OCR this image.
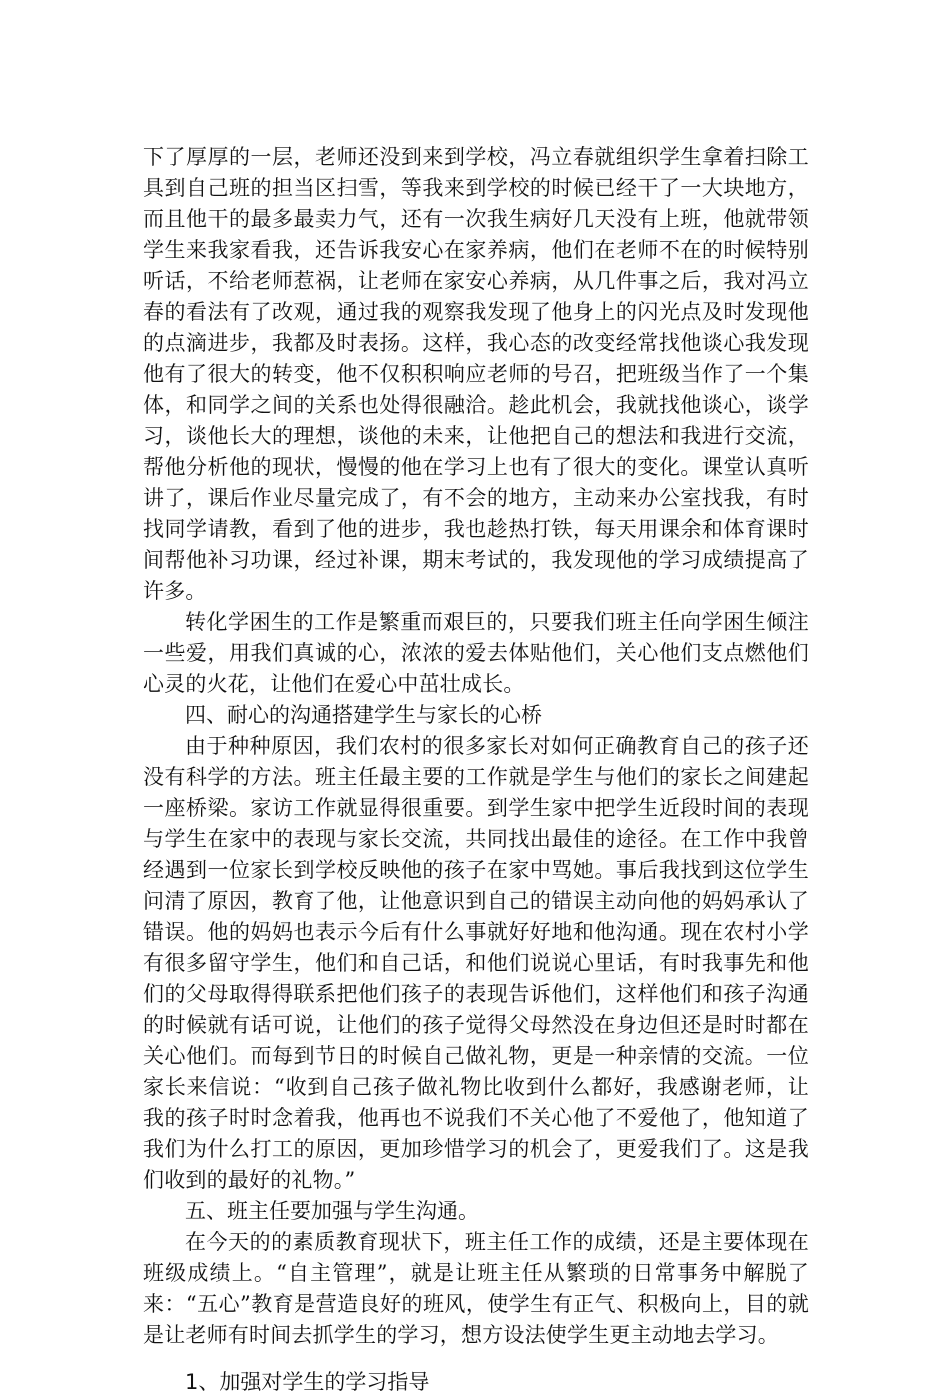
下了厚厚的一层，老师还没到来到学校，冯立春就组织学生拿着扫除工具到自己班的担当区扫雪，等我来到学校的时候已经干了一大块地方，而且他干的最多最卖力气，还有一次我生病好几天没有上班，他就带领学生来我家看我，还告诉我安心在家养病，他们在老师不在的时候特别听话，不给老师惹祸，让老师在家安心养病，从几件事之后，我对冯立春的看法有了改观，通过我的观察我发现了他身上的闪光点及时发现他的点滴进步，我都及时表扬。这样，我心态的改变经常找他谈心我发现他有了很大的转变，他不仅积积响应老师的号召，把班级当作了一个集体，和同学之间的关系也处得很融洽。趁此机会，我就找他谈心，谈学习，谈他长大的理想，谈他的未来，让他把自己的想法和我进行交流，帮他分析他的现状，慢慢的他在学习上也有了很大的变化。课堂认真听讲了，课后作业尽量完成了，有不会的地方，主动来办公室找我，有时找同学请教，看到了他的进步，我也趁热打铁，每天用课余和体育课时间帮他补习功课，经过补课，期末考试的，我发现他的学习成绩提高了许多。

转化学困生的工作是繁重而艰巨的，只要我们班主任向学困生倾注一些爱，用我们真诚的心，浓浓的爱去体贴他们，关心他们支点燃他们心灵的火花，让他们在爱心中茁壮成长。

四、耐心的沟通搭建学生与家长的心桥

由于种种原因，我们农村的很多家长对如何正确教育自己的孩子还没有科学的方法。班主任最主要的工作就是学生与他们的家长之间建起一座桥梁。家访工作就显得很重要。到学生家中把学生近段时间的表现与学生在家中的表现与家长交流，共同找出最佳的途径。在工作中我曾经遇到一位家长到学校反映他的孩子在家中骂她。事后我找到这位学生问清了原因，教育了他，让他意识到自己的错误主动向他的妈妈承认了错误。他的妈妈也表示今后有什么事就好好地和他沟通。现在农村小学有很多留守学生，他们和自己话，和他们说说心里话，有时我事先和他们的父母取得得联系把他们孩子的表现告诉他们，这样他们和孩子沟通的时候就有话可说，让他们的孩子觉得父母然没在身边但还是时时都在关心他们。而每到节日的时候自己做礼物，更是一种亲情的交流。一位家长来信说：“收到自己孩子做礼物比收到什么都好，我感谢老师，让我的孩子时时念着我，他再也不说我们不关心他了不爱他了，他知道了我们为什么打工的原因，更加珍惜学习的机会了，更爱我们了。这是我们收到的最好的礼物。”

五、班主任要加强与学生沟通。

在今天的的素质教育现状下，班主任工作的成绩，还是主要体现在班级成绩上。“自主管理”，就是让班主任从繁琐的日常事务中解脱了来：“五心”教育是营造良好的班风，使学生有正气、积极向上，目的就是让老师有时间去抓学生的学习，想方设法使学生更主动地去学习。

1、加强对学生的学习指导
